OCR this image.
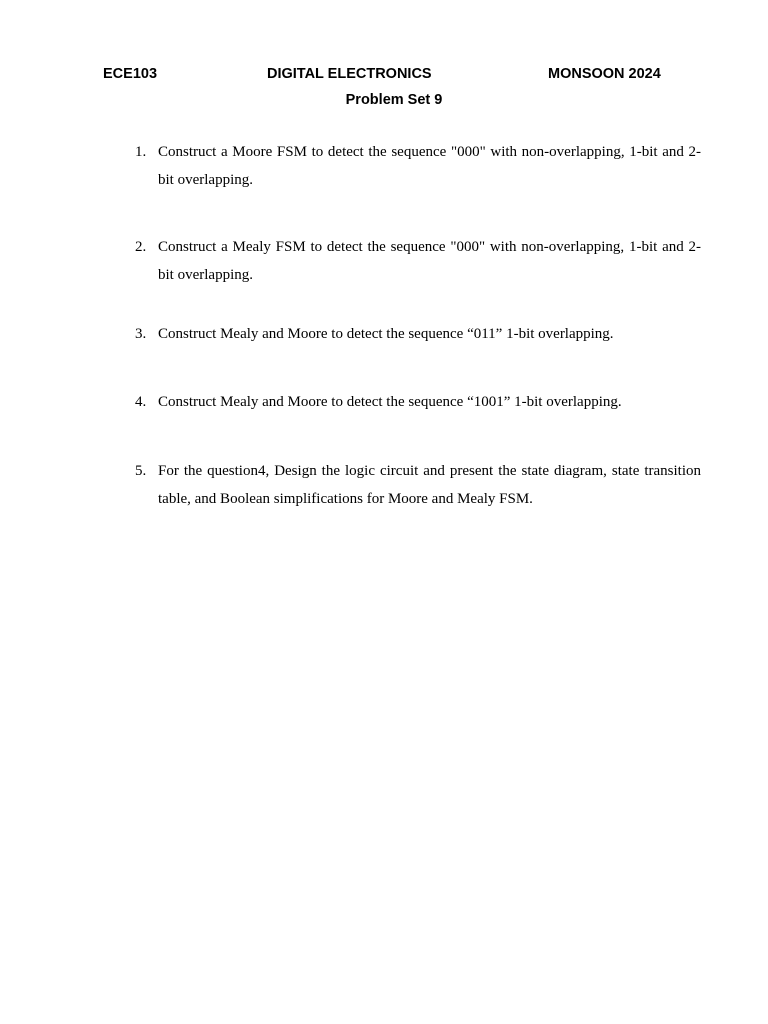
ECE103	DIGITAL ELECTRONICS	MONSOON 2024
Problem Set 9
1. Construct a Moore FSM to detect the sequence "000" with non-overlapping, 1-bit and 2-bit overlapping.
2. Construct a Mealy FSM to detect the sequence "000" with non-overlapping, 1-bit and 2-bit overlapping.
3. Construct Mealy and Moore to detect the sequence “011” 1-bit overlapping.
4. Construct Mealy and Moore to detect the sequence “1001” 1-bit overlapping.
5. For the question4, Design the logic circuit and present the state diagram, state transition table, and Boolean simplifications for Moore and Mealy FSM.
